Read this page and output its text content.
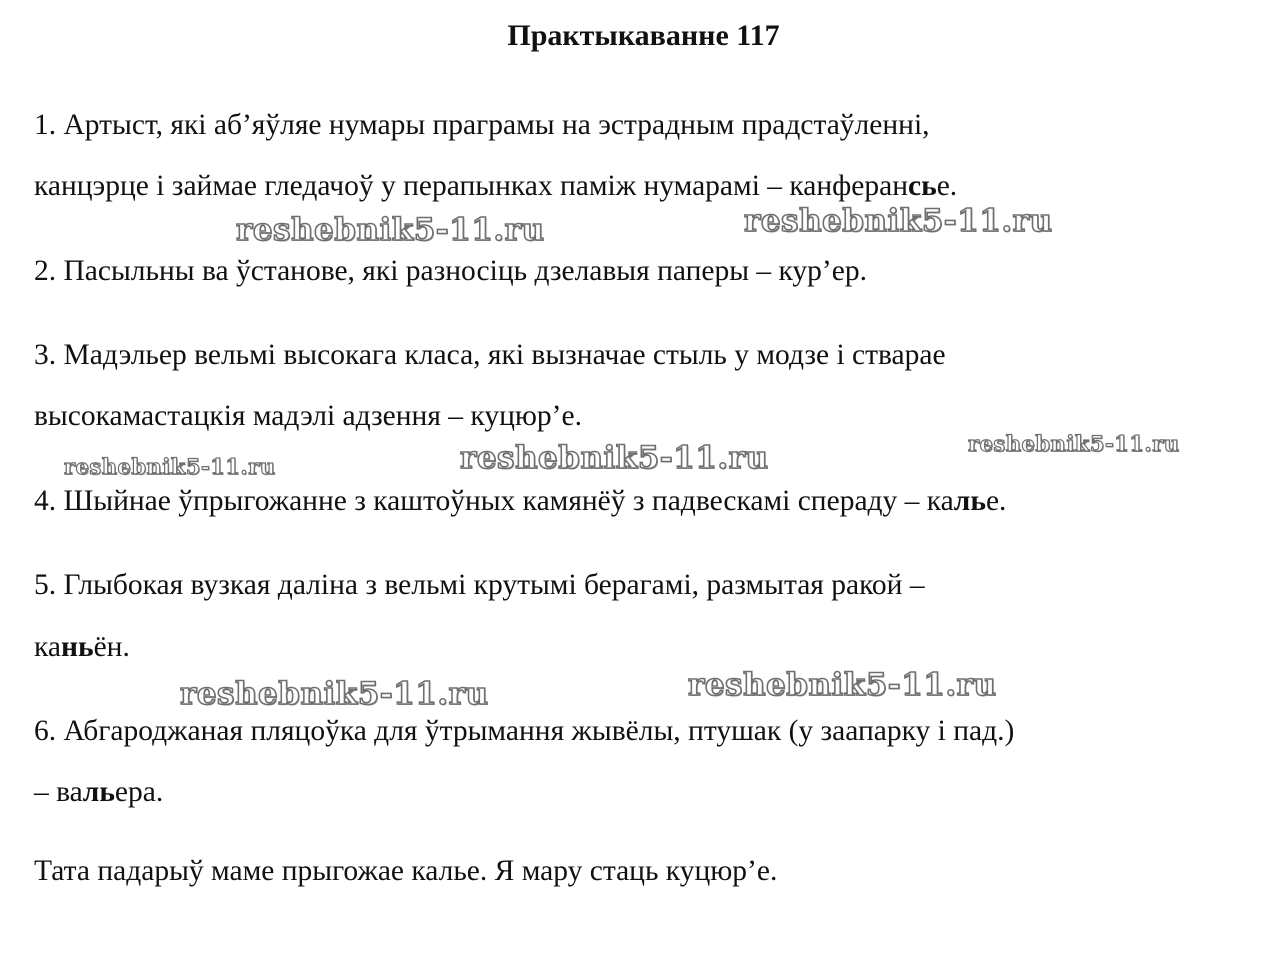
Практыкаванне 117
1. Артыст, які аб’яўляе нумары праграмы на эстрадным прадстаўленні,
канцэрце і займае гледачоў у перапынках паміж нумарамі – канферансье.
2. Пасыльны ва ўстанове, які разносіць дзелавыя паперы – кур’ер.
3. Мадэльер вельмі высокага класа, які вызначае стыль у модзе і стварае
высокамастацкія мадэлі адзення – куцюр’е.
4. Шыйнае ўпрыгожанне з каштоўных камянёў з падвескамі спераду – калье.
5. Глыбокая вузкая даліна з вельмі крутымі берагамі, размытая ракой –
каньён.
6. Абгароджаная пляцоўка для ўтрымання жывёлы, птушак (у заапарку і пад.)
– вальера.
Тата падарыў маме прыгожае кальe. Я мару стаць куцюр’е.
reshebnik5-11.ru	reshebnik5-11.ru
reshebnik5-11.ru	reshebnik5-11.ru	reshebnik5-11.ru
reshebnik5-11.ru	reshebnik5-11.ru
